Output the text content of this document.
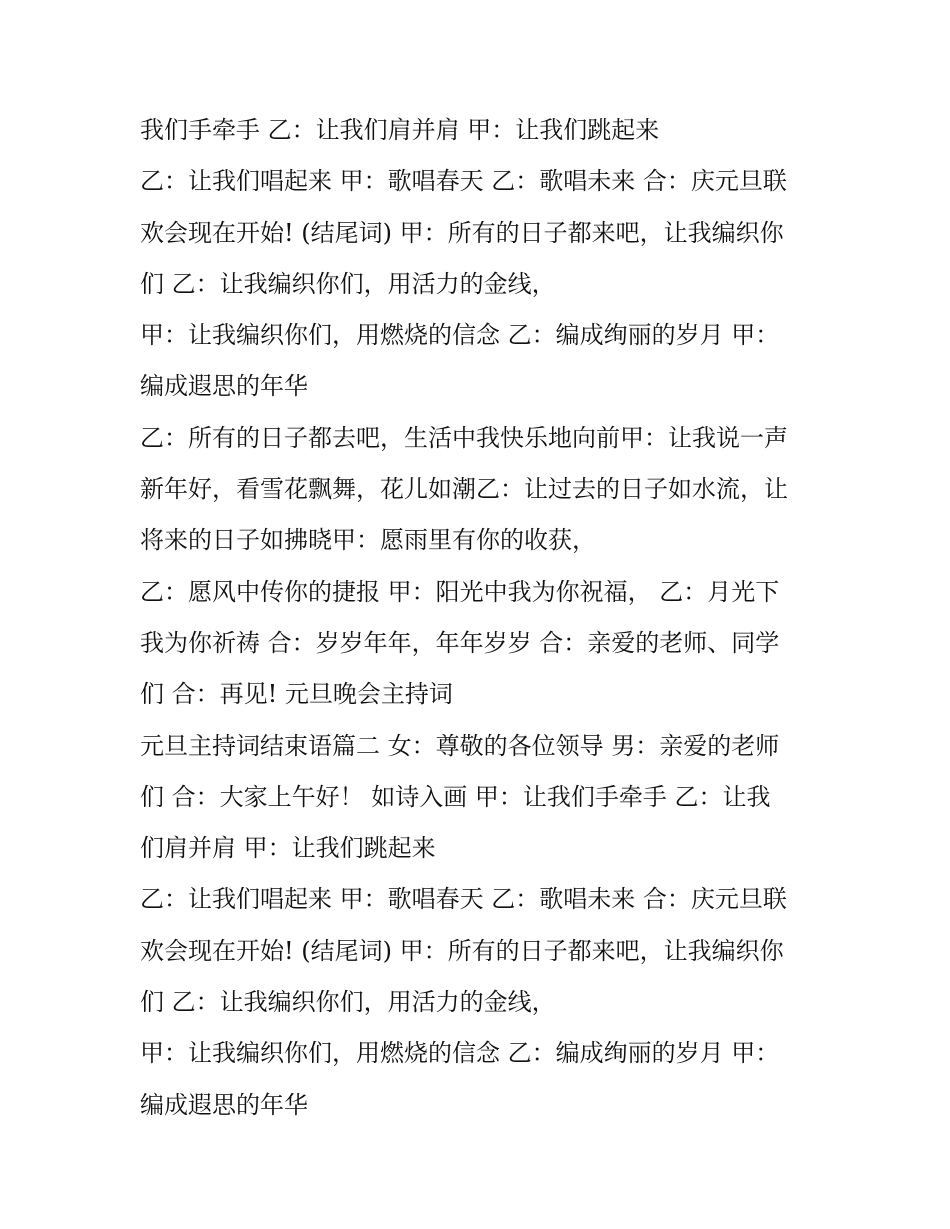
我们手牵手 乙：让我们肩并肩 甲：让我们跳起来
乙：让我们唱起来 甲：歌唱春天 乙：歌唱未来 合：庆元旦联
欢会现在开始! (结尾词) 甲：所有的日子都来吧，让我编织你
们 乙：让我编织你们，用活力的金线，
甲：让我编织你们，用燃烧的信念 乙：编成绚丽的岁月 甲：
编成遐思的年华
乙：所有的日子都去吧，生活中我快乐地向前甲：让我说一声
新年好，看雪花飘舞，花儿如潮乙：让过去的日子如水流，让
将来的日子如拂晓甲：愿雨里有你的收获，
乙：愿风中传你的捷报 甲：阳光中我为你祝福， 乙：月光下
我为你祈祷 合：岁岁年年，年年岁岁 合：亲爱的老师、同学
们 合：再见! 元旦晚会主持词
元旦主持词结束语篇二 女：尊敬的各位领导 男：亲爱的老师
们 合：大家上午好！ 如诗入画 甲：让我们手牵手 乙：让我
们肩并肩 甲：让我们跳起来
乙：让我们唱起来 甲：歌唱春天 乙：歌唱未来 合：庆元旦联
欢会现在开始! (结尾词) 甲：所有的日子都来吧，让我编织你
们 乙：让我编织你们，用活力的金线，
甲：让我编织你们，用燃烧的信念 乙：编成绚丽的岁月 甲：
编成遐思的年华
